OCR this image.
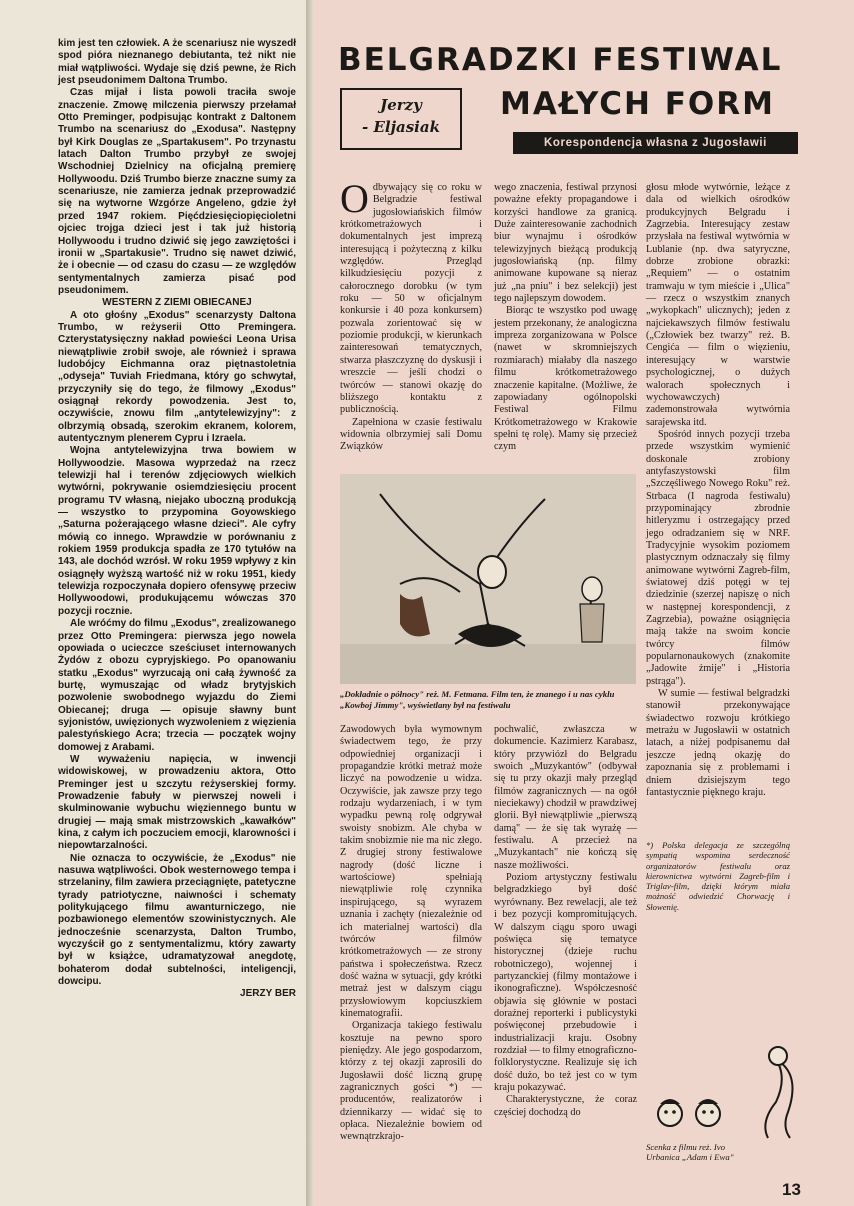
kim jest ten człowiek. A że scenariusz nie wyszedł spod pióra nieznanego debiutanta, też nikt nie miał wątpliwości. Wydaje się dziś pewne, że Rich jest pseudonimem Daltona Trumbo.

Czas mijał i lista powoli traciła swoje znaczenie. Zmowę milczenia pierwszy przełamał Otto Preminger, podpisując kontrakt z Daltonem Trumbo na scenariusz do „Exodusa". Następny był Kirk Douglas ze „Spartakusem". Po trzynastu latach Dalton Trumbo przybył ze swojej Wschodniej Dzielnicy na oficjalną premierę Hollywoodu. Dziś Trumbo bierze znaczne sumy za scenariusze, nie zamierza jednak przeprowadzić się na wytworne Wzgórze Angeleno, gdzie żył przed 1947 rokiem. Pięćdziesięciopięcioletni ojciec trojga dzieci jest i tak już historią Hollywoodu i trudno dziwić się jego zawziętości i ironii w „Spartakusie". Trudno się nawet dziwić, że i obecnie — od czasu do czasu — ze względów sentymentalnych zamierza pisać pod pseudonimem.

WESTERN Z ZIEMI OBIECANEJ

A oto głośny „Exodus" scenarzysty Daltona Trumbo, w reżyserii Otto Premingera. Czterystatysięczny nakład powieści Leona Urisa niewątpliwie zrobił swoje, ale również i sprawa ludobójcy Eichmanna oraz piętnastoletnia „odyseja" Tuviah Friedmana, który go schwytał, przyczyniły się do tego, że filmowy „Exodus" osiągnął rekordy powodzenia. Jest to, oczywiście, znowu film „antytelewizyjny": z olbrzymią obsadą, szerokim ekranem, kolorem, autentycznym plenerem Cypru i Izraela.

Wojna antytelewizyjna trwa bowiem w Hollywoodzie. Masowa wyprzedaż na rzecz telewizji hal i terenów zdjęciowych wielkich wytwórni, pokrywanie osiemdziesięciu procent programu TV własną, niejako uboczną produkcją — wszystko to przypomina Goyowskiego „Saturna pożerającego własne dzieci". Ale cyfry mówią co innego. Wprawdzie w porównaniu z rokiem 1959 produkcja spadła ze 170 tytułów na 143, ale dochód wzrósł. W roku 1959 wpływy z kin osiągnęły wyższą wartość niż w roku 1951, kiedy telewizja rozpoczynała dopiero ofensywę przeciw Hollywoodowi, produkującemu wówczas 370 pozycji rocznie.

Ale wróćmy do filmu „Exodus", zrealizowanego przez Otto Premingera: pierwsza jego nowela opowiada o ucieczce sześciuset internowanych Żydów z obozu cypryjskiego. Po opanowaniu statku „Exodus" wyrzucają oni całą żywność za burtę, wymuszając od władz brytyjskich pozwolenie swobodnego wyjazdu do Ziemi Obiecanej; druga — opisuje sławny bunt syjonistów, uwięzionych wyzwoleniem z więzienia palestyńskiego Acra; trzecia — początek wojny domowej z Arabami.

W wyważeniu napięcia, w inwencji widowiskowej, w prowadzeniu aktora, Otto Preminger jest u szczytu reżyserskiej formy. Prowadzenie fabuły w pierwszej noweli i skulminowanie wybuchu więziennego buntu w drugiej — mają smak mistrzowskich „kawałków" kina, z całym ich poczuciem emocji, klarowności i niepowtarzalności.

Nie oznacza to oczywiście, że „Exodus" nie nasuwa wątpliwości. Obok westernowego tempa i strzelaniny, film zawiera przeciągnięte, patetyczne tyrady patriotyczne, naiwności i schematy politykującego filmu awanturniczego, nie pozbawionego elementów szowinistycznych. Ale jednocześnie scenarzysta, Dalton Trumbo, wyczyścił go z sentymentalizmu, który zawarty był w książce, udramatyzował anegdotę, bohaterom dodał subtelności, inteligencji, dowcipu.

JERZY BER

BELGRADZKI FESTIWAL
MAŁYCH FORM
Jerzy
- Eljasiak
Korespondencja własna z Jugosławii

Odbywający się co roku w Belgradzie festiwal jugosłowiańskich filmów krótkometrażowych i dokumentalnych jest imprezą interesującą i pożyteczną z kilku względów. Przegląd kilkudziesięciu pozycji z całorocznego dorobku (w tym roku — 50 w oficjalnym konkursie i 40 poza konkursem) pozwala zorientować się w poziomie produkcji, w kierunkach zainteresowań tematycznych, stwarza płaszczyznę do dyskusji i wreszcie — jeśli chodzi o twórców — stanowi okazję do bliższego kontaktu z publicznością.

Zapełniona w czasie festiwalu widownia olbrzymiej sali Domu Związków

wego znaczenia, festiwal przynosi poważne efekty propagandowe i korzyści handlowe za granicą. Duże zainteresowanie zachodnich biur wynajmu i ośrodków telewizyjnych bieżącą produkcją jugosłowiańską (np. filmy animowane kupowane są nieraz już „na pniu" i bez selekcji) jest tego najlepszym dowodem.

Biorąc te wszystko pod uwagę jestem przekonany, że analogiczna impreza zorganizowana w Polsce (nawet w skromniejszych rozmiarach) miałaby dla naszego filmu krótkometrażowego znaczenie kapitalne. (Możliwe, że zapowiadany ogólnopolski Festiwal Filmu Krótkometrażowego w Krakowie spełni tę rolę). Mamy się przecież czym

głosu młode wytwórnie, leżące z dala od wielkich ośrodków produkcyjnych Belgradu i Zagrzebia. Interesujący zestaw przysłała na festiwal wytwórnia w Lublanie (np. dwa satyryczne, dobrze zrobione obrazki: „Requiem" — o ostatnim tramwaju w tym mieście i „Ulica" — rzecz o wszystkim znanych „wykopkach" ulicznych); jeden z najciekawszych filmów festiwalu („Człowiek bez twarzy" reż. B. Cengića — film o więzieniu, interesujący w warstwie psychologicznej, o dużych walorach społecznych i wychowawczych) zademonstrowała wytwórnia sarajewska itd.

Spośród innych pozycji trzeba przede wszystkim wymienić doskonale zrobiony antyfaszystowski film „Szczęśliwego Nowego Roku" reż. Strbaca (I nagroda festiwalu) przypominający zbrodnie hitleryzmu i ostrzegający przed jego odradzaniem się w NRF. Tradycyjnie wysokim poziomem plastycznym odznaczały się filmy animowane wytwórni Zagreb-film, światowej dziś potęgi w tej dziedzinie (szerzej napiszę o nich w następnej korespondencji, z Zagrzebia), poważne osiągnięcia mają także na swoim koncie twórcy filmów popularnonaukowych (znakomite „Jadowite żmije" i „Historia pstrąga").

W sumie — festiwal belgradzki stanowił przekonywające świadectwo rozwoju krótkiego metrażu w Jugosławii w ostatnich latach, a niżej podpisanemu dał jeszcze jedną okazję do zapoznania się z problemami i dniem dzisiejszym tego fantastycznie pięknego kraju.

„Dokładnie o północy" reż. M. Fetmana. Film ten, że znanego i u nas cyklu „Kowboj Jimmy", wyświetlany był na festiwalu

Zawodowych była wymownym świadectwem tego, że przy odpowiedniej organizacji i propagandzie krótki metraż może liczyć na powodzenie u widza. Oczywiście, jak zawsze przy tego rodzaju wydarzeniach, i w tym wypadku pewną rolę odgrywał swoisty snobizm. Ale chyba w takim snobizmie nie ma nic złego. Z drugiej strony festiwalowe nagrody (dość liczne i wartościowe) spełniają niewątpliwie rolę czynnika inspirującego, są wyrazem uznania i zachęty (niezależnie od ich materialnej wartości) dla twórców filmów krótkometrażowych — ze strony państwa i społeczeństwa. Rzecz dość ważna w sytuacji, gdy krótki metraż jest w dalszym ciągu przysłowiowym kopciuszkiem kinematografii.

Organizacja takiego festiwalu kosztuje na pewno sporo pieniędzy. Ale jego gospodarzom, którzy z tej okazji zaprosili do Jugosławii dość liczną grupę zagranicznych gości *) — producentów, realizatorów i dziennikarzy — widać się to opłaca. Niezależnie bowiem od wewnątrzkrajo-

pochwalić, zwłaszcza w dokumencie. Kazimierz Karabasz, który przywiózł do Belgradu swoich „Muzykantów" (odbywał się tu przy okazji mały przegląd filmów zagranicznych — na ogół nieciekawy) chodził w prawdziwej glorii. Był niewątpliwie „pierwszą damą" — że się tak wyrażę — festiwalu. A przecież na „Muzykantach" nie kończą się nasze możliwości.

Poziom artystyczny festiwalu belgradzkiego był dość wyrównany. Bez rewelacji, ale też i bez pozycji kompromitujących. W dalszym ciągu sporo uwagi poświęca się tematyce historycznej (dzieje ruchu robotniczego), wojennej i partyzanckiej (filmy montażowe i ikonograficzne). Współczesność objawia się głównie w postaci doraźnej reporterki i publicystyki poświęconej przebudowie i industrializacji kraju. Osobny rozdział — to filmy etnograficzno-folklorystyczne. Realizuje się ich dość dużo, bo też jest co w tym kraju pokazywać.

Charakterystyczne, że coraz częściej dochodzą do

*) Polska delegacja ze szczególną sympatią wspomina serdeczność organizatorów festiwalu oraz kierownictwa wytwórni Zagreb-film i Triglav-film, dzięki którym miała możność odwiedzić Chorwację i Słowenię.
Scenka z filmu reż. Ivo Urbanica „Adam i Ewa"
13
